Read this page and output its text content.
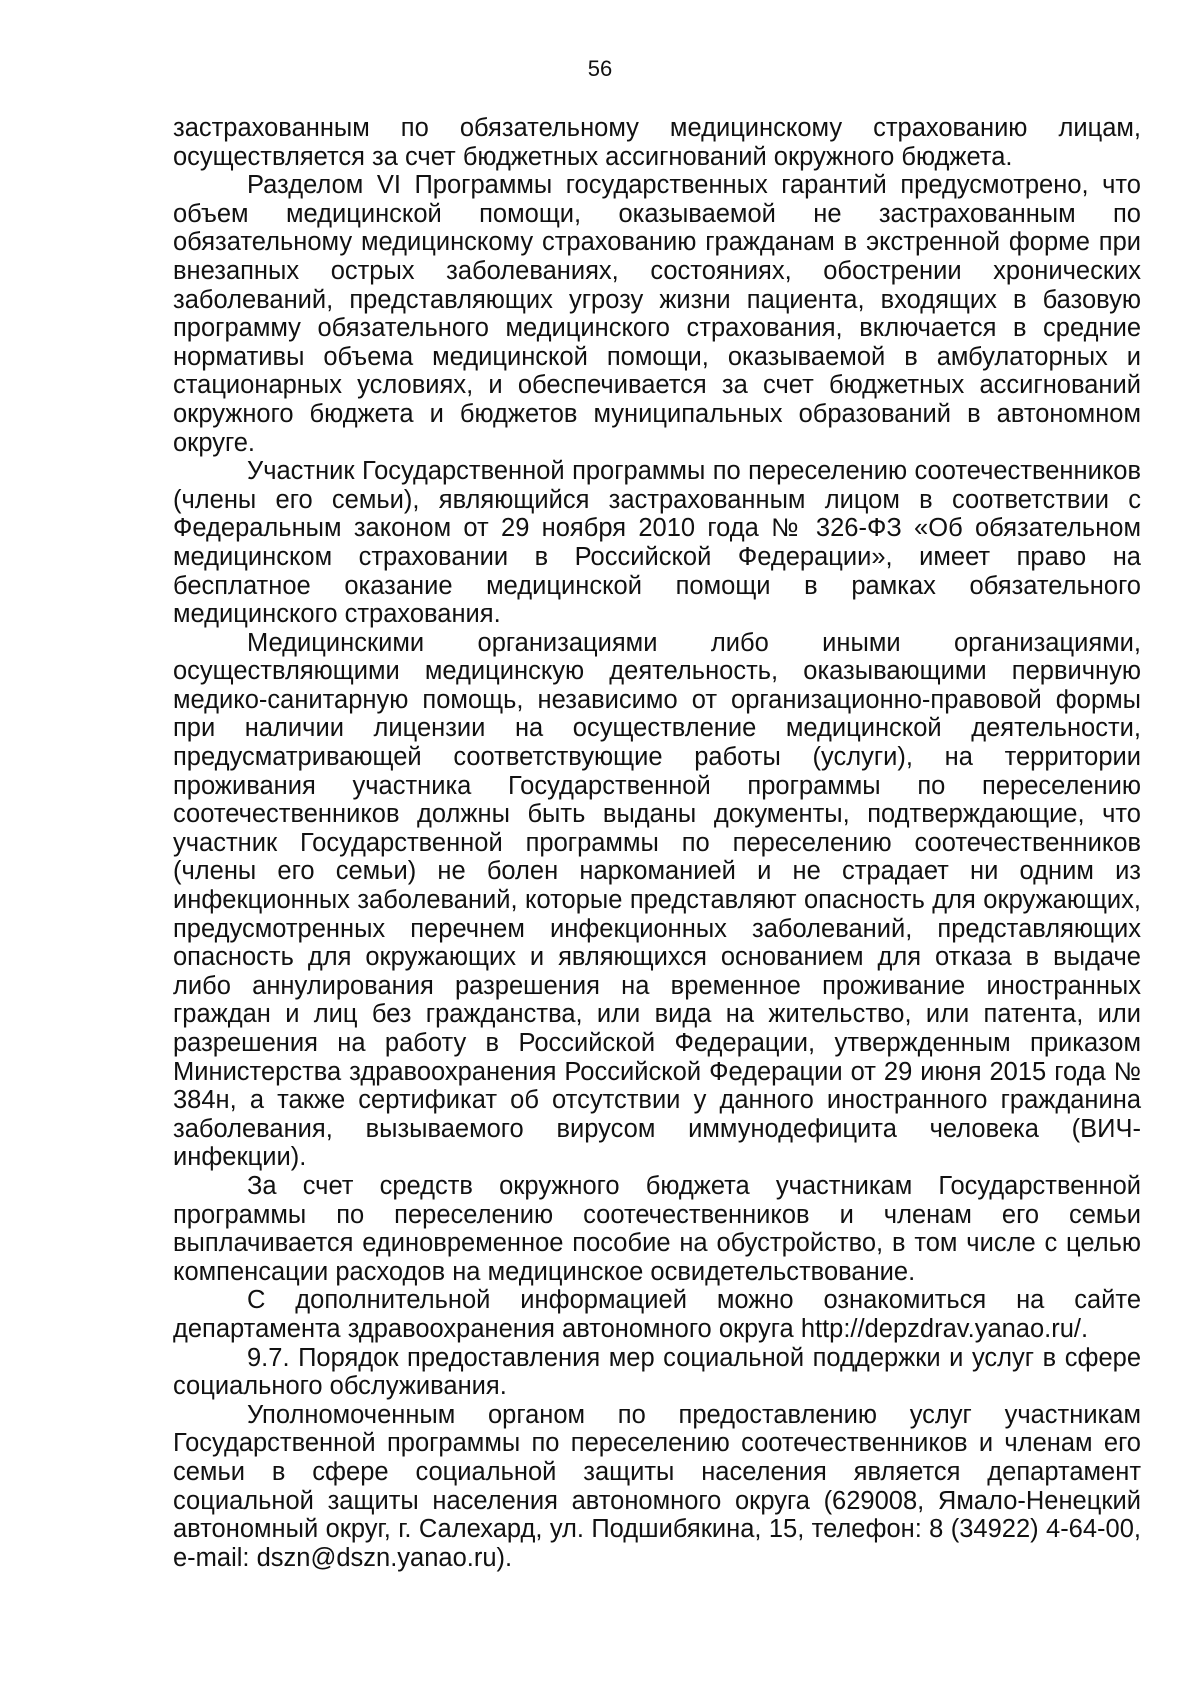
56

застрахованным по обязательному медицинскому страхованию лицам, осуществляется за счет бюджетных ассигнований окружного бюджета.

Разделом VI Программы государственных гарантий предусмотрено, что объем медицинской помощи, оказываемой не застрахованным по обязательному медицинскому страхованию гражданам в экстренной форме при внезапных острых заболеваниях, состояниях, обострении хронических заболеваний, представляющих угрозу жизни пациента, входящих в базовую программу обязательного медицинского страхования, включается в средние нормативы объема медицинской помощи, оказываемой в амбулаторных и стационарных условиях, и обеспечивается за счет бюджетных ассигнований окружного бюджета и бюджетов муниципальных образований в автономном округе.

Участник Государственной программы по переселению соотечественников (члены его семьи), являющийся застрахованным лицом в соответствии с Федеральным законом от 29 ноября 2010 года № 326-ФЗ «Об обязательном медицинском страховании в Российской Федерации», имеет право на бесплатное оказание медицинской помощи в рамках обязательного медицинского страхования.

Медицинскими организациями либо иными организациями, осуществляющими медицинскую деятельность, оказывающими первичную медико-санитарную помощь, независимо от организационно-правовой формы при наличии лицензии на осуществление медицинской деятельности, предусматривающей соответствующие работы (услуги), на территории проживания участника Государственной программы по переселению соотечественников должны быть выданы документы, подтверждающие, что участник Государственной программы по переселению соотечественников (члены его семьи) не болен наркоманией и не страдает ни одним из инфекционных заболеваний, которые представляют опасность для окружающих, предусмотренных перечнем инфекционных заболеваний, представляющих опасность для окружающих и являющихся основанием для отказа в выдаче либо аннулирования разрешения на временное проживание иностранных граждан и лиц без гражданства, или вида на жительство, или патента, или разрешения на работу в Российской Федерации, утвержденным приказом Министерства здравоохранения Российской Федерации от 29 июня 2015 года № 384н, а также сертификат об отсутствии у данного иностранного гражданина заболевания, вызываемого вирусом иммунодефицита человека (ВИЧ-инфекции).

За счет средств окружного бюджета участникам Государственной программы по переселению соотечественников и членам его семьи выплачивается единовременное пособие на обустройство, в том числе с целью компенсации расходов на медицинское освидетельствование.

С дополнительной информацией можно ознакомиться на сайте департамента здравоохранения автономного округа http://depzdrav.yanao.ru/.

9.7. Порядок предоставления мер социальной поддержки и услуг в сфере социального обслуживания.

Уполномоченным органом по предоставлению услуг участникам Государственной программы по переселению соотечественников и членам его семьи в сфере социальной защиты населения является департамент социальной защиты населения автономного округа (629008, Ямало-Ненецкий автономный округ, г. Салехард, ул. Подшибякина, 15, телефон: 8 (34922) 4-64-00, e-mail: dszn@dszn.yanao.ru).
